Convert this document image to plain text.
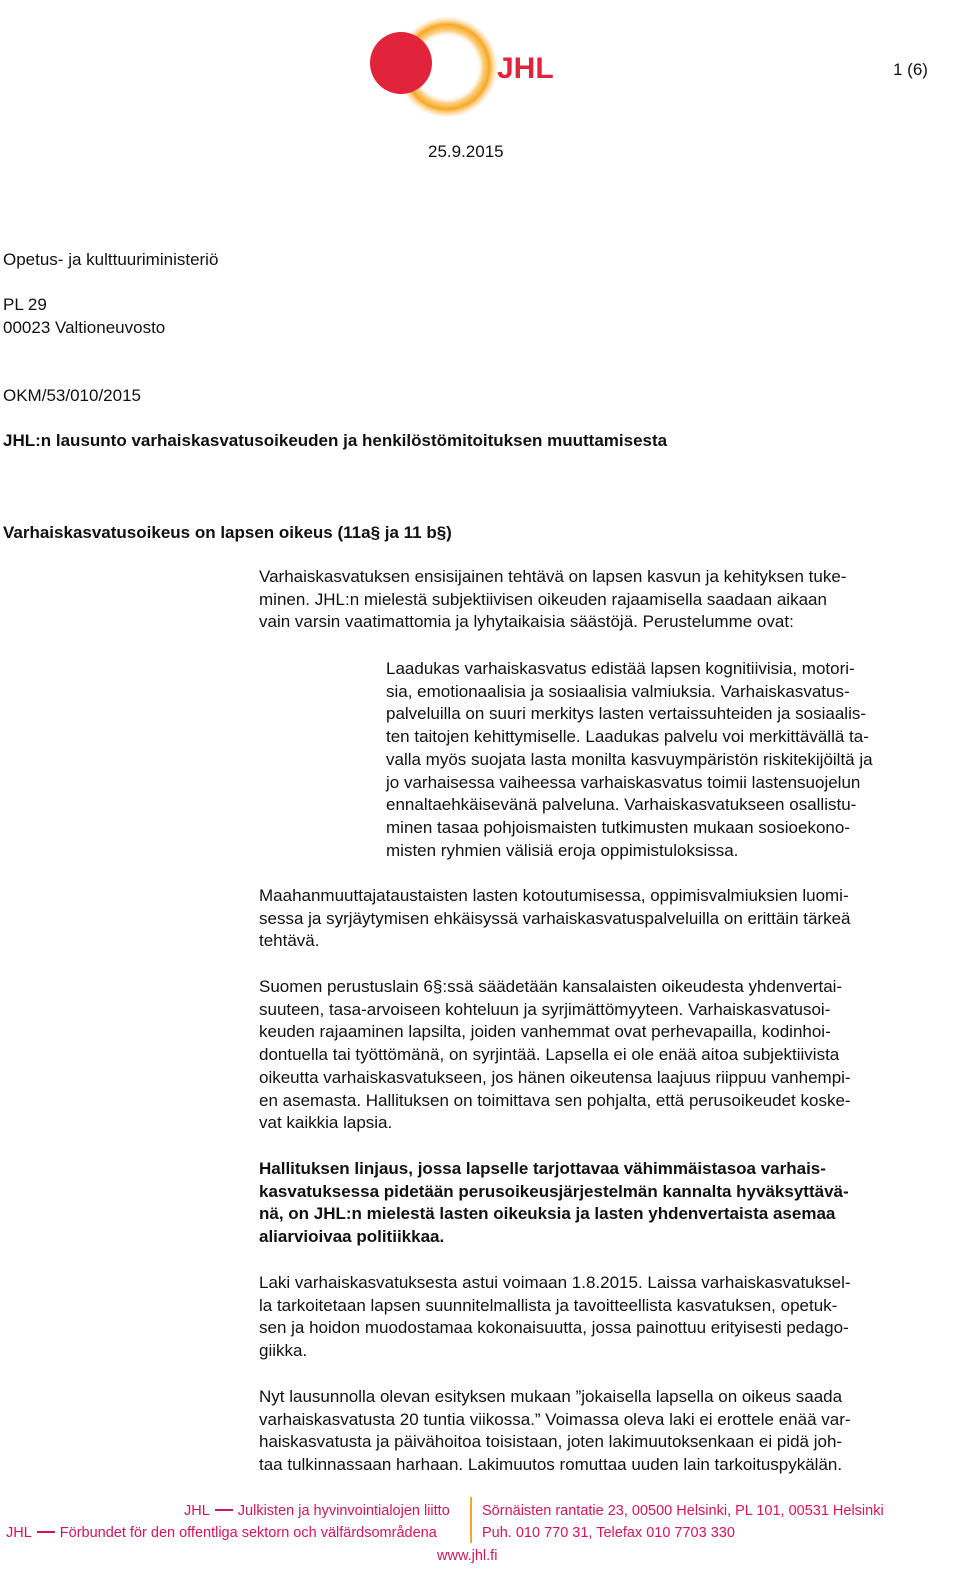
JHL	1 (6)
25.9.2015
Opetus- ja kulttuuriministeriö
PL 29
00023 Valtioneuvosto
OKM/53/010/2015
JHL:n lausunto varhaiskasvatusoikeuden ja henkilöstömitoituksen muuttamisesta
Varhaiskasvatusoikeus on lapsen oikeus (11a§ ja 11 b§)
Varhaiskasvatuksen ensisijainen tehtävä on lapsen kasvun ja kehityksen tuke-
minen. JHL:n mielestä subjektiivisen oikeuden rajaamisella saadaan aikaan
vain varsin vaatimattomia ja lyhytaikaisia säästöjä. Perustelumme ovat:
Laadukas varhaiskasvatus edistää lapsen kognitiivisia, motori-
sia, emotionaalisia ja sosiaalisia valmiuksia. Varhaiskasvatus-
palveluilla on suuri merkitys lasten vertaissuhteiden ja sosiaalis-
ten taitojen kehittymiselle. Laadukas palvelu voi merkittävällä ta-
valla myös suojata lasta monilta kasvuympäristön riskitekijöiltä ja
jo varhaisessa vaiheessa varhaiskasvatus toimii lastensuojelun
ennaltaehkäisevänä palveluna. Varhaiskasvatukseen osallistu-
minen tasaa pohjoismaisten tutkimusten mukaan sosioekono-
misten ryhmien välisiä eroja oppimistuloksissa.
Maahanmuuttajataustaisten lasten kotoutumisessa, oppimisvalmiuksien luomi-
sessa ja syrjäytymisen ehkäisyssä varhaiskasvatuspalveluilla on erittäin tärkeä
tehtävä.
Suomen perustuslain 6§:ssä säädetään kansalaisten oikeudesta yhdenvertai-
suuteen, tasa-arvoiseen kohteluun ja syrjimättömyyteen. Varhaiskasvatusoi-
keuden rajaaminen lapsilta, joiden vanhemmat ovat perhevapailla, kodinhoi-
dontuella tai työttömänä, on syrjintää. Lapsella ei ole enää aitoa subjektiivista
oikeutta varhaiskasvatukseen, jos hänen oikeutensa laajuus riippuu vanhempi-
en asemasta. Hallituksen on toimittava sen pohjalta, että perusoikeudet koske-
vat kaikkia lapsia.
Hallituksen linjaus, jossa lapselle tarjottavaa vähimmäistasoa varhais-
kasvatuksessa pidetään perusoikeusjärjestelmän kannalta hyväksyttävä-
nä, on JHL:n mielestä lasten oikeuksia ja lasten yhdenvertaista asemaa
aliarvioivaa politiikkaa.
Laki varhaiskasvatuksesta astui voimaan 1.8.2015. Laissa varhaiskasvatuksel-
la tarkoitetaan lapsen suunnitelmallista ja tavoitteellista kasvatuksen, opetuk-
sen ja hoidon muodostamaa kokonaisuutta, jossa painottuu erityisesti pedago-
giikka.
Nyt lausunnolla olevan esityksen mukaan ”jokaisella lapsella on oikeus saada
varhaiskasvatusta 20 tuntia viikossa.” Voimassa oleva laki ei erottele enää var-
haiskasvatusta ja päivähoitoa toisistaan, joten lakimuutoksenkaan ei pidä joh-
taa tulkinnassaan harhaan. Lakimuutos romuttaa uuden lain tarkoituspykälän.
JHL Julkisten ja hyvinvointialojen liitto
JHL Förbundet för den offentliga sektorn och välfärdsområdena
Sörnäisten rantatie 23, 00500 Helsinki, PL 101, 00531 Helsinki
Puh. 010 770 31, Telefax 010 7703 330
www.jhl.fi
